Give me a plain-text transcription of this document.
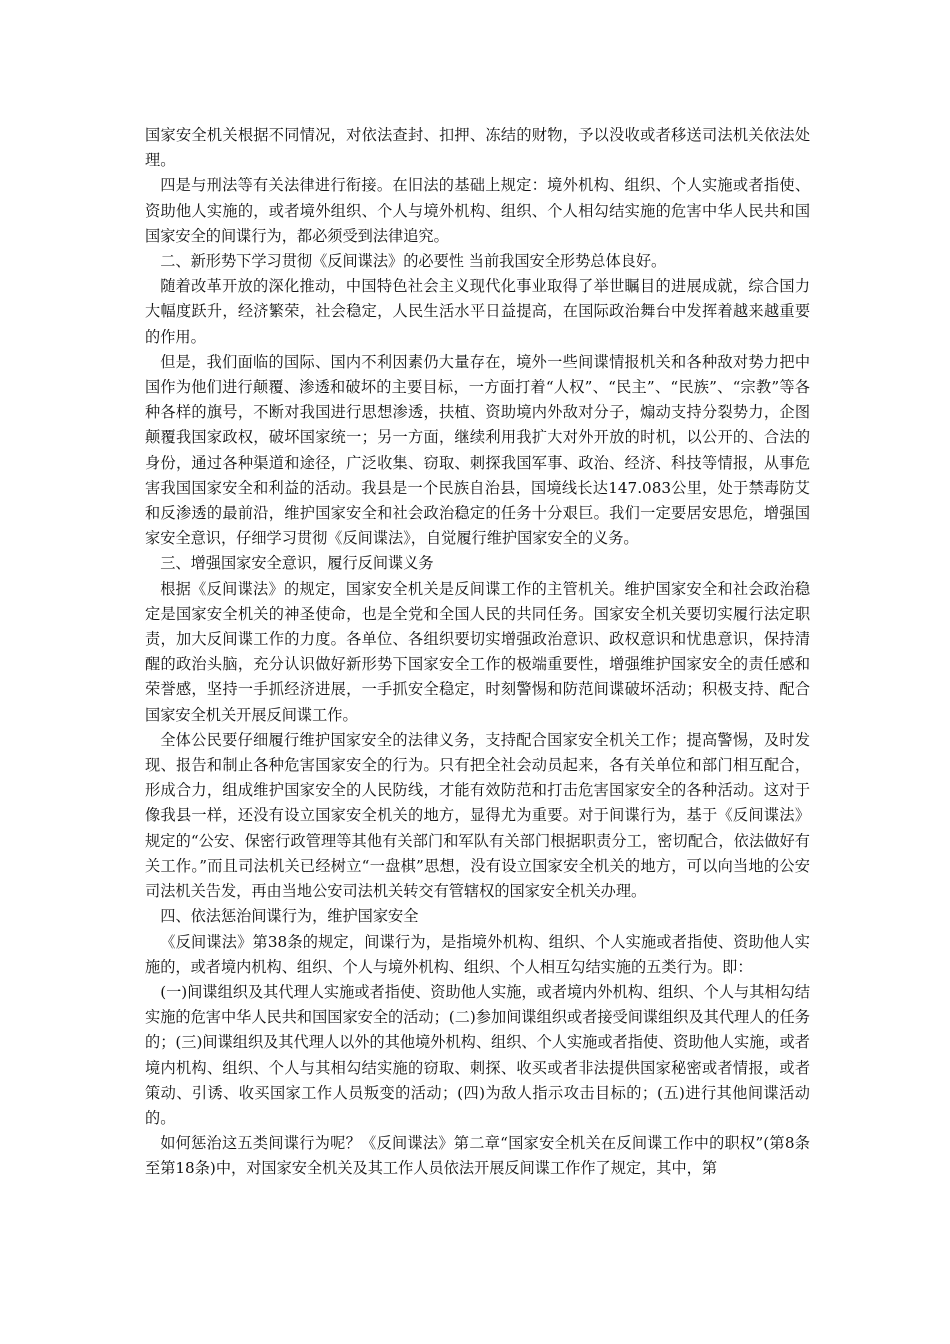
国家安全机关根据不同情况，对依法查封、扣押、冻结的财物，予以没收或者移送司法机关依法处理。

四是与刑法等有关法律进行衔接。在旧法的基础上规定：境外机构、组织、个人实施或者指使、资助他人实施的，或者境外组织、个人与境外机构、组织、个人相勾结实施的危害中华人民共和国国家安全的间谍行为，都必须受到法律追究。

二、新形势下学习贯彻《反间谍法》的必要性 当前我国安全形势总体良好。

随着改革开放的深化推动，中国特色社会主义现代化事业取得了举世瞩目的进展成就，综合国力大幅度跃升，经济繁荣，社会稳定，人民生活水平日益提高，在国际政治舞台中发挥着越来越重要的作用。

但是，我们面临的国际、国内不利因素仍大量存在，境外一些间谍情报机关和各种敌对势力把中国作为他们进行颠覆、渗透和破坏的主要目标，一方面打着“人权”、“民主”、“民族”、“宗教”等各种各样的旗号，不断对我国进行思想渗透，扶植、资助境内外敌对分子，煽动支持分裂势力，企图颠覆我国家政权，破坏国家统一；另一方面，继续利用我扩大对外开放的时机，以公开的、合法的身份，通过各种渠道和途径，广泛收集、窃取、刺探我国军事、政治、经济、科技等情报，从事危害我国国家安全和利益的活动。我县是一个民族自治县，国境线长达147.083公里，处于禁毒防艾和反渗透的最前沿，维护国家安全和社会政治稳定的任务十分艰巨。我们一定要居安思危，增强国家安全意识，仔细学习贯彻《反间谍法》，自觉履行维护国家安全的义务。

三、增强国家安全意识，履行反间谍义务

根据《反间谍法》的规定，国家安全机关是反间谍工作的主管机关。维护国家安全和社会政治稳定是国家安全机关的神圣使命，也是全党和全国人民的共同任务。国家安全机关要切实履行法定职责，加大反间谍工作的力度。各单位、各组织要切实增强政治意识、政权意识和忧患意识，保持清醒的政治头脑，充分认识做好新形势下国家安全工作的极端重要性，增强维护国家安全的责任感和荣誉感，坚持一手抓经济进展，一手抓安全稳定，时刻警惕和防范间谍破坏活动；积极支持、配合国家安全机关开展反间谍工作。

全体公民要仔细履行维护国家安全的法律义务，支持配合国家安全机关工作；提高警惕，及时发现、报告和制止各种危害国家安全的行为。只有把全社会动员起来，各有关单位和部门相互配合，形成合力，组成维护国家安全的人民防线，才能有效防范和打击危害国家安全的各种活动。这对于像我县一样，还没有设立国家安全机关的地方，显得尤为重要。对于间谍行为，基于《反间谍法》规定的“公安、保密行政管理等其他有关部门和军队有关部门根据职责分工，密切配合，依法做好有关工作。”而且司法机关已经树立“一盘棋”思想，没有设立国家安全机关的地方，可以向当地的公安司法机关告发，再由当地公安司法机关转交有管辖权的国家安全机关办理。

四、依法惩治间谍行为，维护国家安全

《反间谍法》第38条的规定，间谍行为，是指境外机构、组织、个人实施或者指使、资助他人实施的，或者境内机构、组织、个人与境外机构、组织、个人相互勾结实施的五类行为。即：

(一)间谍组织及其代理人实施或者指使、资助他人实施，或者境内外机构、组织、个人与其相勾结实施的危害中华人民共和国国家安全的活动；(二)参加间谍组织或者接受间谍组织及其代理人的任务的；(三)间谍组织及其代理人以外的其他境外机构、组织、个人实施或者指使、资助他人实施，或者境内机构、组织、个人与其相勾结实施的窃取、刺探、收买或者非法提供国家秘密或者情报，或者策动、引诱、收买国家工作人员叛变的活动；(四)为敌人指示攻击目标的；(五)进行其他间谍活动的。

如何惩治这五类间谍行为呢？《反间谍法》第二章“国家安全机关在反间谍工作中的职权”(第8条至第18条)中，对国家安全机关及其工作人员依法开展反间谍工作作了规定，其中，第
